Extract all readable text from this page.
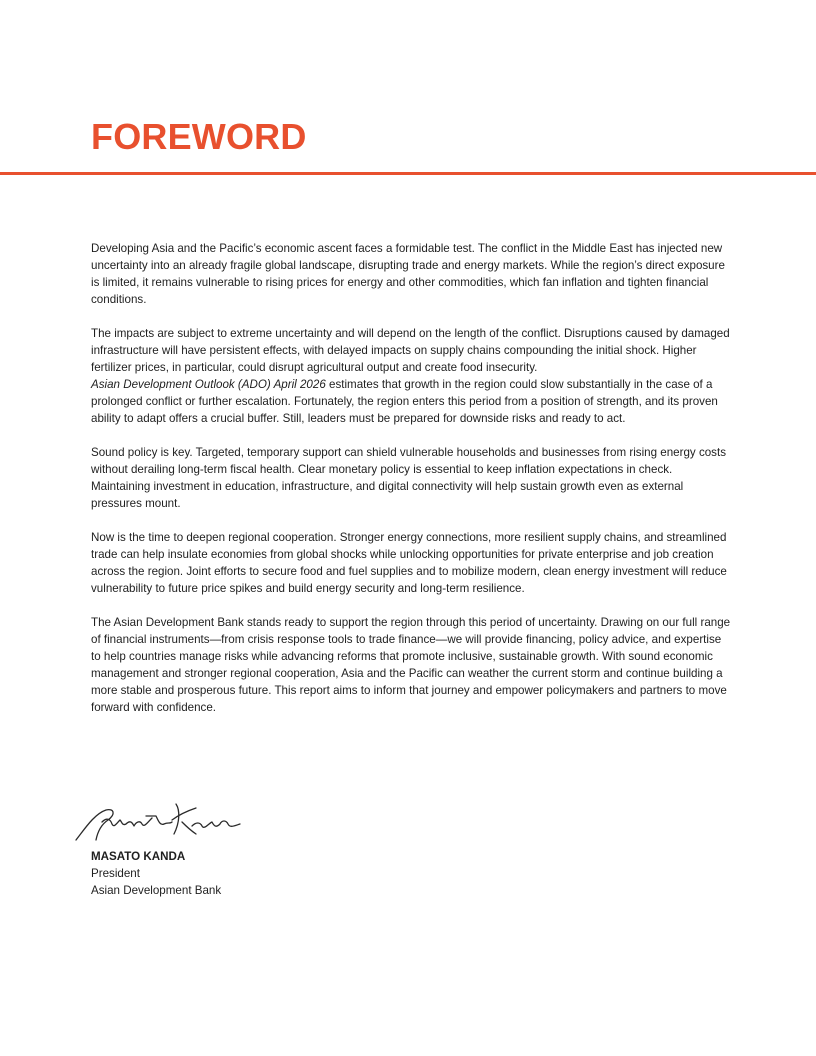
FOREWORD

Developing Asia and the Pacific’s economic ascent faces a formidable test. The conflict in the Middle East has injected new uncertainty into an already fragile global landscape, disrupting trade and energy markets. While the region’s direct exposure is limited, it remains vulnerable to rising prices for energy and other commodities, which fan inflation and tighten financial conditions.

The impacts are subject to extreme uncertainty and will depend on the length of the conflict. Disruptions caused by damaged infrastructure will have persistent effects, with delayed impacts on supply chains compounding the initial shock. Higher fertilizer prices, in particular, could disrupt agricultural output and create food insecurity.
Asian Development Outlook (ADO) April 2026 estimates that growth in the region could slow substantially in the case of a prolonged conflict or further escalation. Fortunately, the region enters this period from a position of strength, and its proven ability to adapt offers a crucial buffer. Still, leaders must be prepared for downside risks and ready to act.

Sound policy is key. Targeted, temporary support can shield vulnerable households and businesses from rising energy costs without derailing long-term fiscal health. Clear monetary policy is essential to keep inflation expectations in check. Maintaining investment in education, infrastructure, and digital connectivity will help sustain growth even as external pressures mount.

Now is the time to deepen regional cooperation. Stronger energy connections, more resilient supply chains, and streamlined trade can help insulate economies from global shocks while unlocking opportunities for private enterprise and job creation across the region. Joint efforts to secure food and fuel supplies and to mobilize modern, clean energy investment will reduce vulnerability to future price spikes and build energy security and long-term resilience.

The Asian Development Bank stands ready to support the region through this period of uncertainty. Drawing on our full range of financial instruments—from crisis response tools to trade finance—we will provide financing, policy advice, and expertise to help countries manage risks while advancing reforms that promote inclusive, sustainable growth. With sound economic management and stronger regional cooperation, Asia and the Pacific can weather the current storm and continue building a more stable and prosperous future. This report aims to inform that journey and empower policymakers and partners to move forward with confidence.

MASATO KANDA
President
Asian Development Bank
